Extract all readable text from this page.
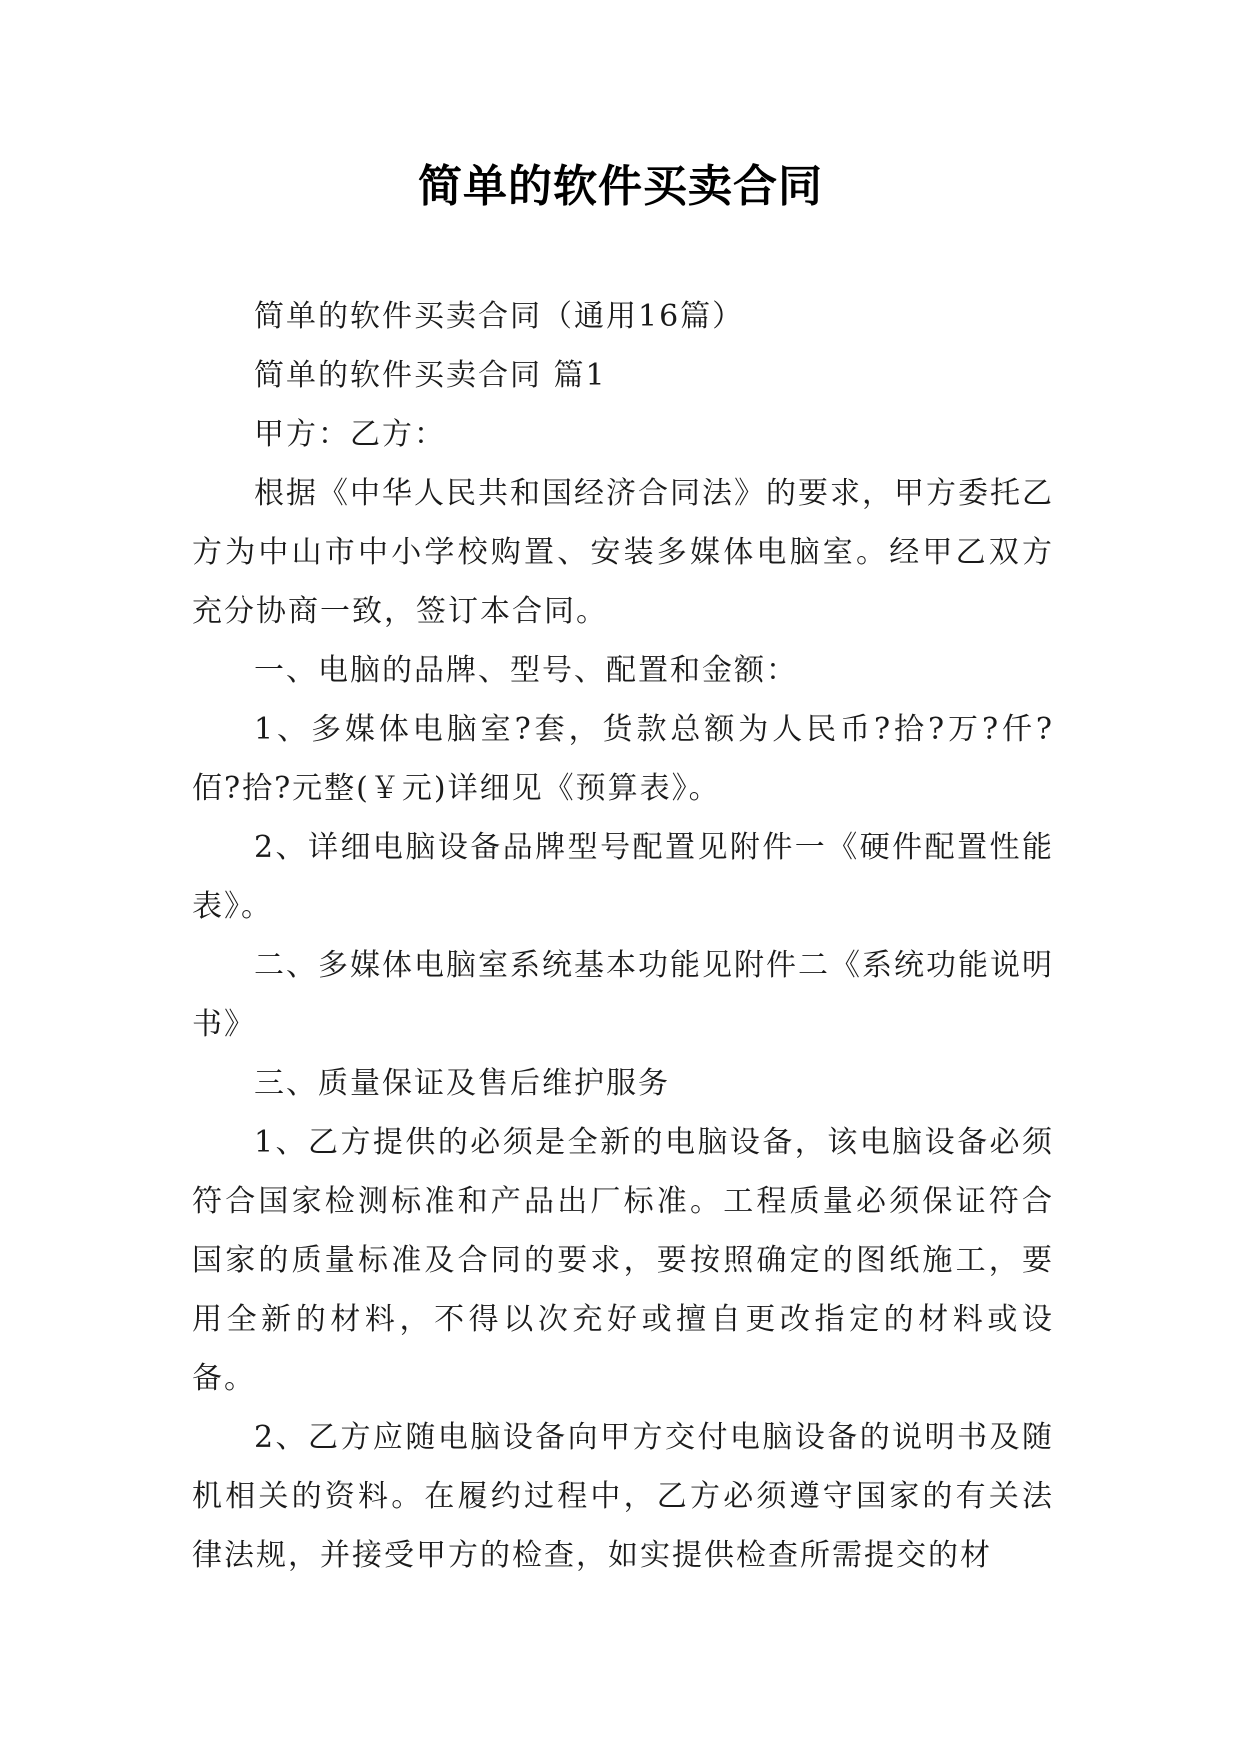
简单的软件买卖合同

简单的软件买卖合同（通用16篇）

简单的软件买卖合同 篇1

甲方：乙方：

根据《中华人民共和国经济合同法》的要求，甲方委托乙方为中山市中小学校购置、安装多媒体电脑室。经甲乙双方充分协商一致，签订本合同。

一、电脑的品牌、型号、配置和金额：

1、多媒体电脑室?套，货款总额为人民币?拾?万?仟?佰?拾?元整(￥元)详细见《预算表》。

2、详细电脑设备品牌型号配置见附件一《硬件配置性能表》。

二、多媒体电脑室系统基本功能见附件二《系统功能说明书》

三、质量保证及售后维护服务

1、乙方提供的必须是全新的电脑设备，该电脑设备必须符合国家检测标准和产品出厂标准。工程质量必须保证符合国家的质量标准及合同的要求，要按照确定的图纸施工，要用全新的材料，不得以次充好或擅自更改指定的材料或设备。

2、乙方应随电脑设备向甲方交付电脑设备的说明书及随机相关的资料。在履约过程中，乙方必须遵守国家的有关法律法规，并接受甲方的检查，如实提供检查所需提交的材
